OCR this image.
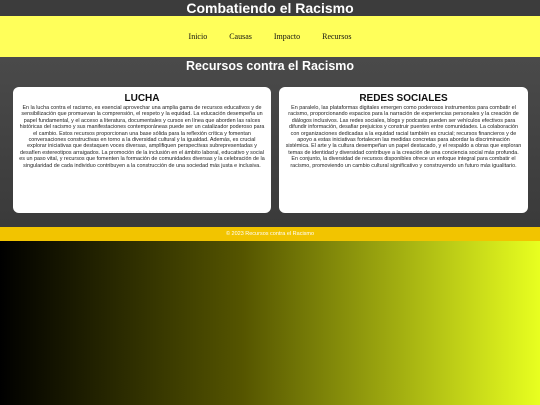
Combatiendo el Racismo
Inicio	Causas	Impacto	Recursos
Recursos contra el Racismo
LUCHA

En la lucha contra el racismo, es esencial aprovechar una amplia gama de recursos educativos y de sensibilización que promuevan la comprensión, el respeto y la equidad. La educación desempeña un papel fundamental, y el acceso a literatura, documentales y cursos en línea que aborden las raíces históricas del racismo y sus manifestaciones contemporáneas puede ser un catalizador poderoso para el cambio. Estos recursos proporcionan una base sólida para la reflexión crítica y fomentan conversaciones constructivas en torno a la diversidad cultural y la igualdad. Además, es crucial explorar iniciativas que destaquen voces diversas, amplifiquen perspectivas subrepresentadas y desafíen estereotipos arraigados. La promoción de la inclusión en el ámbito laboral, educativo y social es un paso vital, y recursos que fomenten la formación de comunidades diversas y la celebración de la singularidad de cada individuo contribuyen a la construcción de una sociedad más justa e inclusiva.

REDES SOCIALES

En paralelo, las plataformas digitales emergen como poderosos instrumentos para combatir el racismo, proporcionando espacios para la narración de experiencias personales y la creación de diálogos inclusivos. Las redes sociales, blogs y podcasts pueden ser vehículos efectivos para difundir información, desafiar prejuicios y construir puentes entre comunidades. La colaboración con organizaciones dedicadas a la equidad racial también es crucial; recursos financieros y de apoyo a estas iniciativas fortalecen las medidas concretas para abordar la discriminación sistémica. El arte y la cultura desempeñan un papel destacado, y el respaldo a obras que exploran temas de identidad y diversidad contribuye a la creación de una conciencia social más profunda. En conjunto, la diversidad de recursos disponibles ofrece un enfoque integral para combatir el racismo, promoviendo un cambio cultural significativo y construyendo un futuro más igualitario.

© 2023 Recursos contra el Racismo
